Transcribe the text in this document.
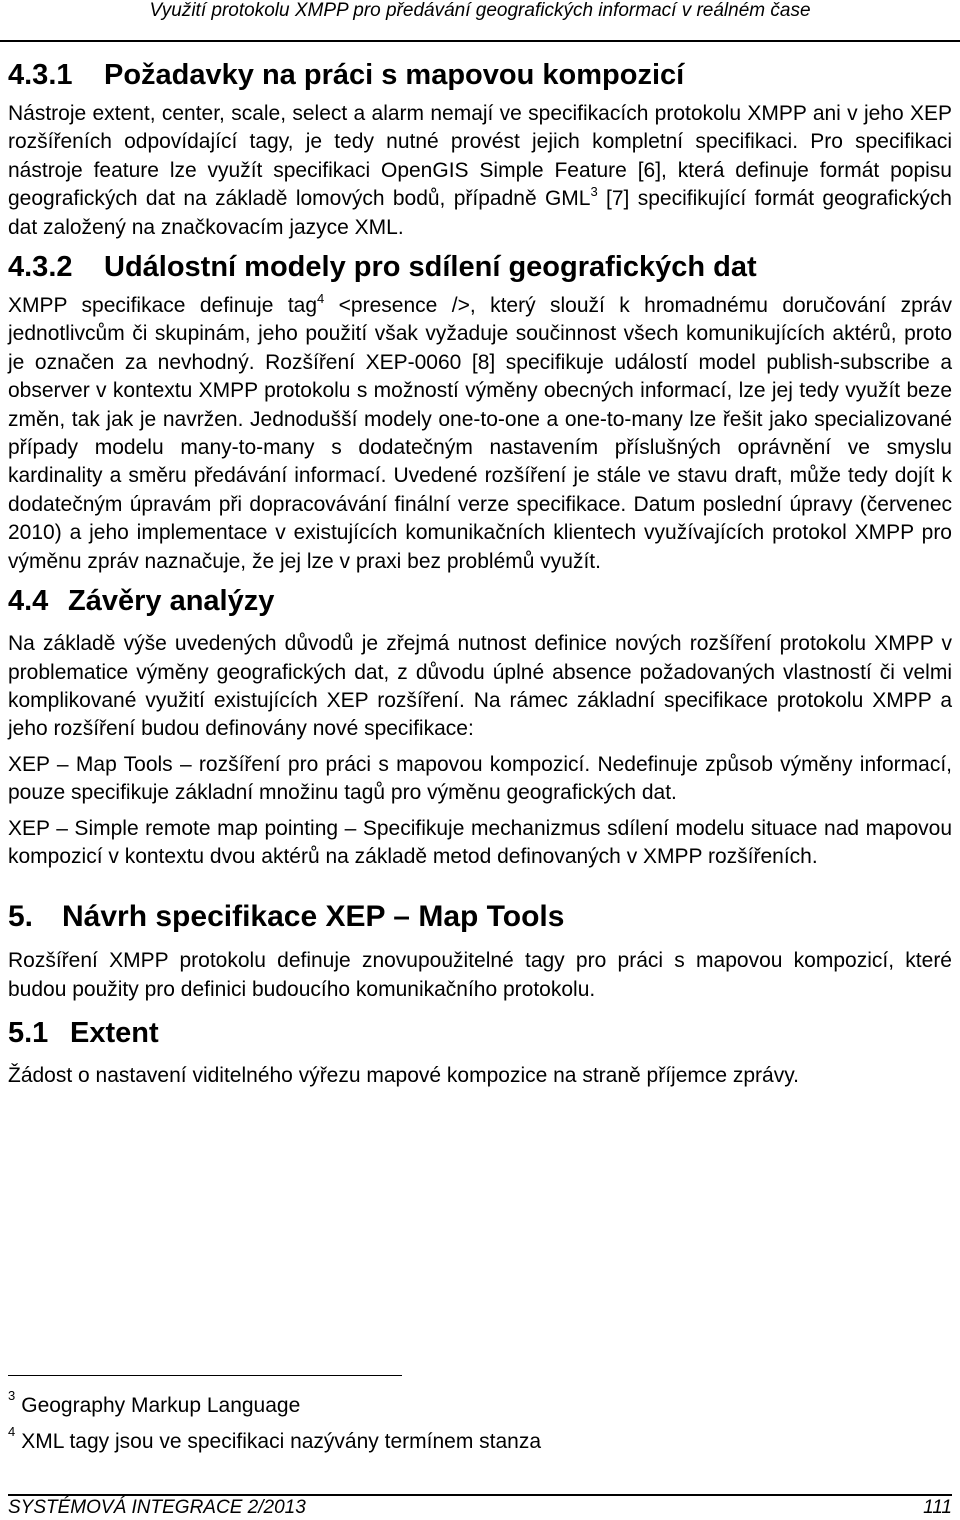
Využití protokolu XMPP pro předávání geografických informací v reálném čase
4.3.1	Požadavky na práci s mapovou kompozicí

Nástroje extent, center, scale, select a alarm nemají ve specifikacích protokolu XMPP ani v jeho XEP rozšířeních odpovídající tagy, je tedy nutné provést jejich kompletní specifikaci. Pro specifikaci nástroje feature lze využít specifikaci OpenGIS Simple Feature [6], která definuje formát popisu geografických dat na základě lomových bodů, případně GML$^3$ [7] specifikující formát geografických dat založený na značkovacím jazyce XML.

4.3.2	Událostní modely pro sdílení geografických dat

XMPP specifikace definuje tag$^4$ <presence />, který slouží k hromadnému doručování zpráv jednotlivcům či skupinám, jeho použití však vyžaduje součinnost všech komunikujících aktérů, proto je označen za nevhodný. Rozšíření XEP-0060 [8] specifikuje událostí model publish-subscribe a observer v kontextu XMPP protokolu s možností výměny obecných informací, lze jej tedy využít beze změn, tak jak je navržen. Jednodušší modely one-to-one a one-to-many lze řešit jako specializované případy modelu many-to-many s dodatečným nastavením příslušných oprávnění ve smyslu kardinality a směru předávání informací. Uvedené rozšíření je stále ve stavu draft, může tedy dojít k dodatečným úpravám při dopracovávání finální verze specifikace. Datum poslední úpravy (červenec 2010) a jeho implementace v existujících komunikačních klientech využívajících protokol XMPP pro výměnu zpráv naznačuje, že jej lze v praxi bez problémů využít.

4.4 Závěry analýzy

Na základě výše uvedených důvodů je zřejmá nutnost definice nových rozšíření protokolu XMPP v problematice výměny geografických dat, z důvodu úplné absence požadovaných vlastností či velmi komplikované využití existujících XEP rozšíření. Na rámec základní specifikace protokolu XMPP a jeho rozšíření budou definovány nové specifikace:

XEP – Map Tools – rozšíření pro práci s mapovou kompozicí. Nedefinuje způsob výměny informací, pouze specifikuje základní množinu tagů pro výměnu geografických dat.

XEP – Simple remote map pointing – Specifikuje mechanizmus sdílení modelu situace nad mapovou kompozicí v kontextu dvou aktérů na základě metod definovaných v XMPP rozšířeních.

5. Návrh specifikace XEP – Map Tools

Rozšíření XMPP protokolu definuje znovupoužitelné tagy pro práci s mapovou kompozicí, které budou použity pro definici budoucího komunikačního protokolu.

5.1 Extent

Žádost o nastavení viditelného výřezu mapové kompozice na straně příjemce zprávy.

$^3$ Geography Markup Language
$^4$ XML tagy jsou ve specifikaci nazývány termínem stanza
SYSTÉMOVÁ INTEGRACE 2/2013	111
